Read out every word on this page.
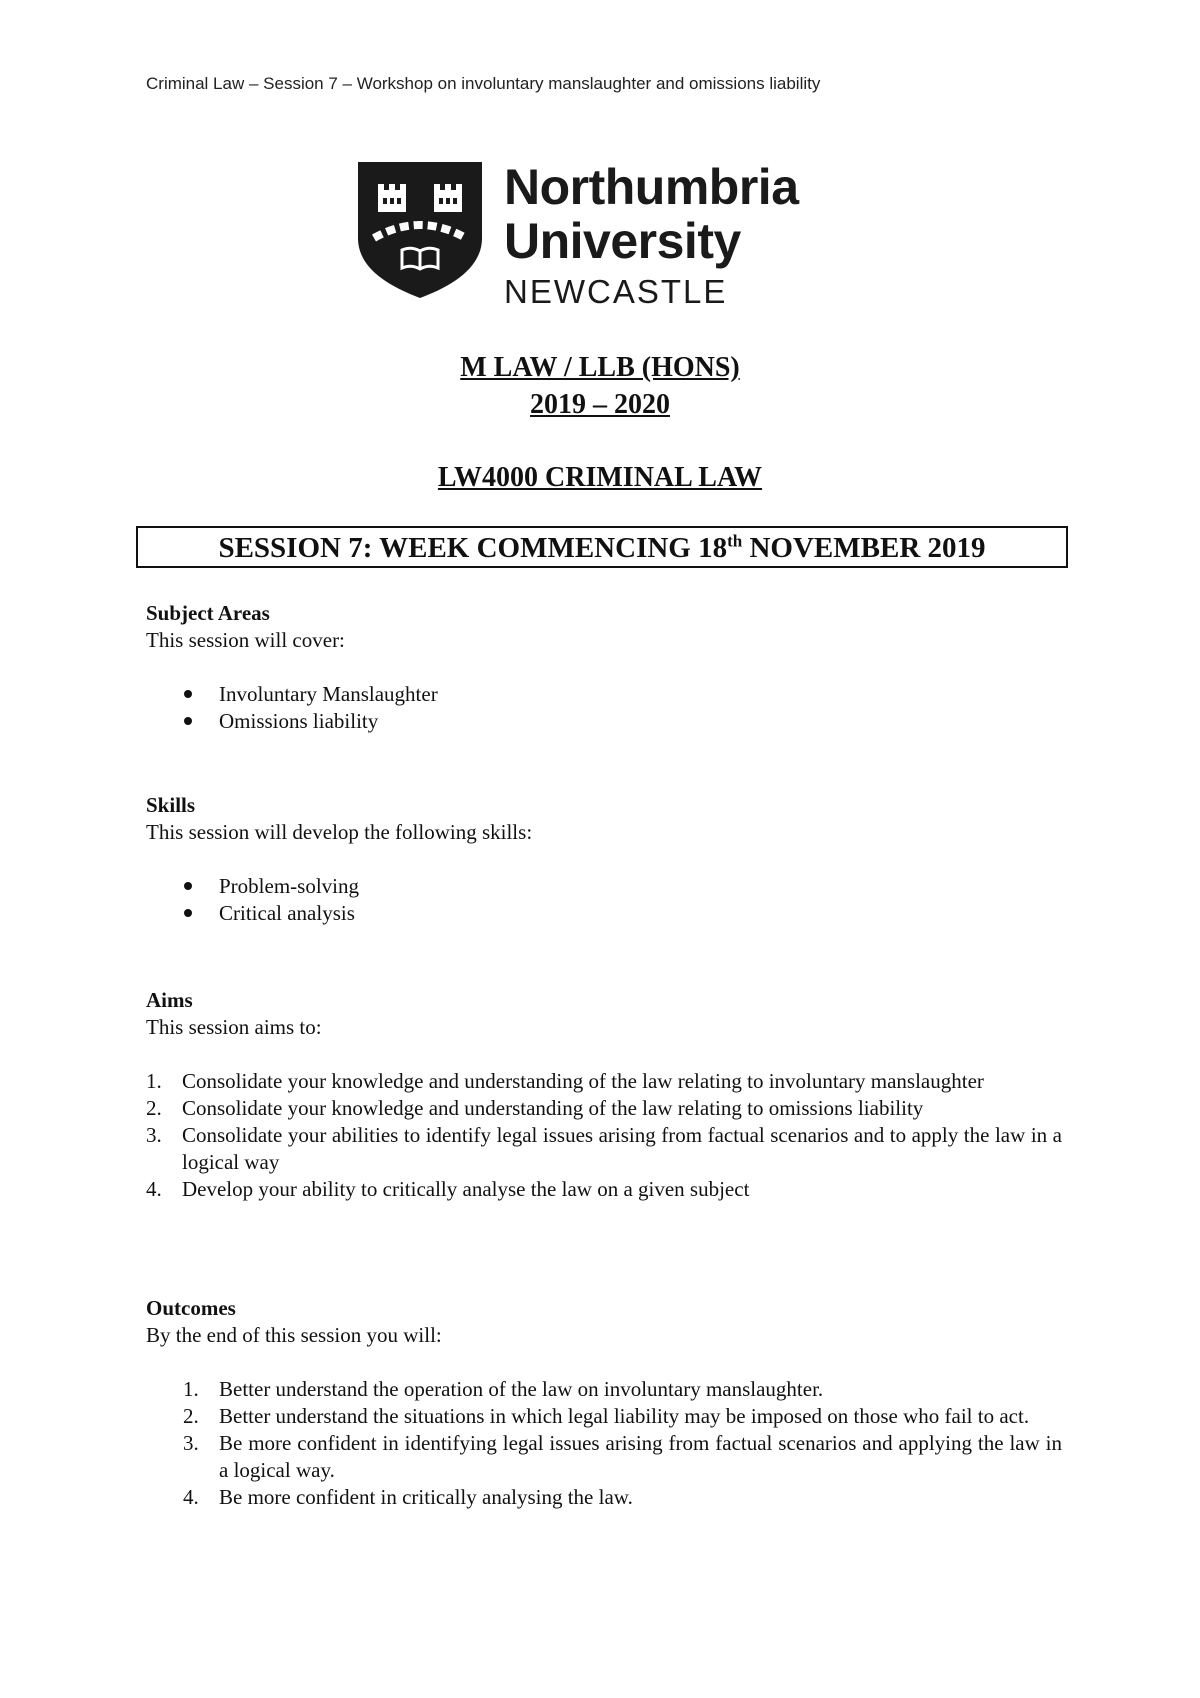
Criminal Law – Session 7 – Workshop on involuntary manslaughter and omissions liability
Northumbria
University
NEWCASTLE
M LAW / LLB (HONS)
2019 – 2020
LW4000 CRIMINAL LAW
SESSION 7: WEEK COMMENCING 18th NOVEMBER 2019
Subject Areas
This session will cover:
Involuntary Manslaughter
Omissions liability
Skills
This session will develop the following skills:
Problem-solving
Critical analysis
Aims
This session aims to:
1. Consolidate your knowledge and understanding of the law relating to involuntary manslaughter
2. Consolidate your knowledge and understanding of the law relating to omissions liability
3. Consolidate your abilities to identify legal issues arising from factual scenarios and to apply the law in a logical way
4. Develop your ability to critically analyse the law on a given subject
Outcomes
By the end of this session you will:
1. Better understand the operation of the law on involuntary manslaughter.
2. Better understand the situations in which legal liability may be imposed on those who fail to act.
3. Be more confident in identifying legal issues arising from factual scenarios and applying the law in a logical way.
4. Be more confident in critically analysing the law.
